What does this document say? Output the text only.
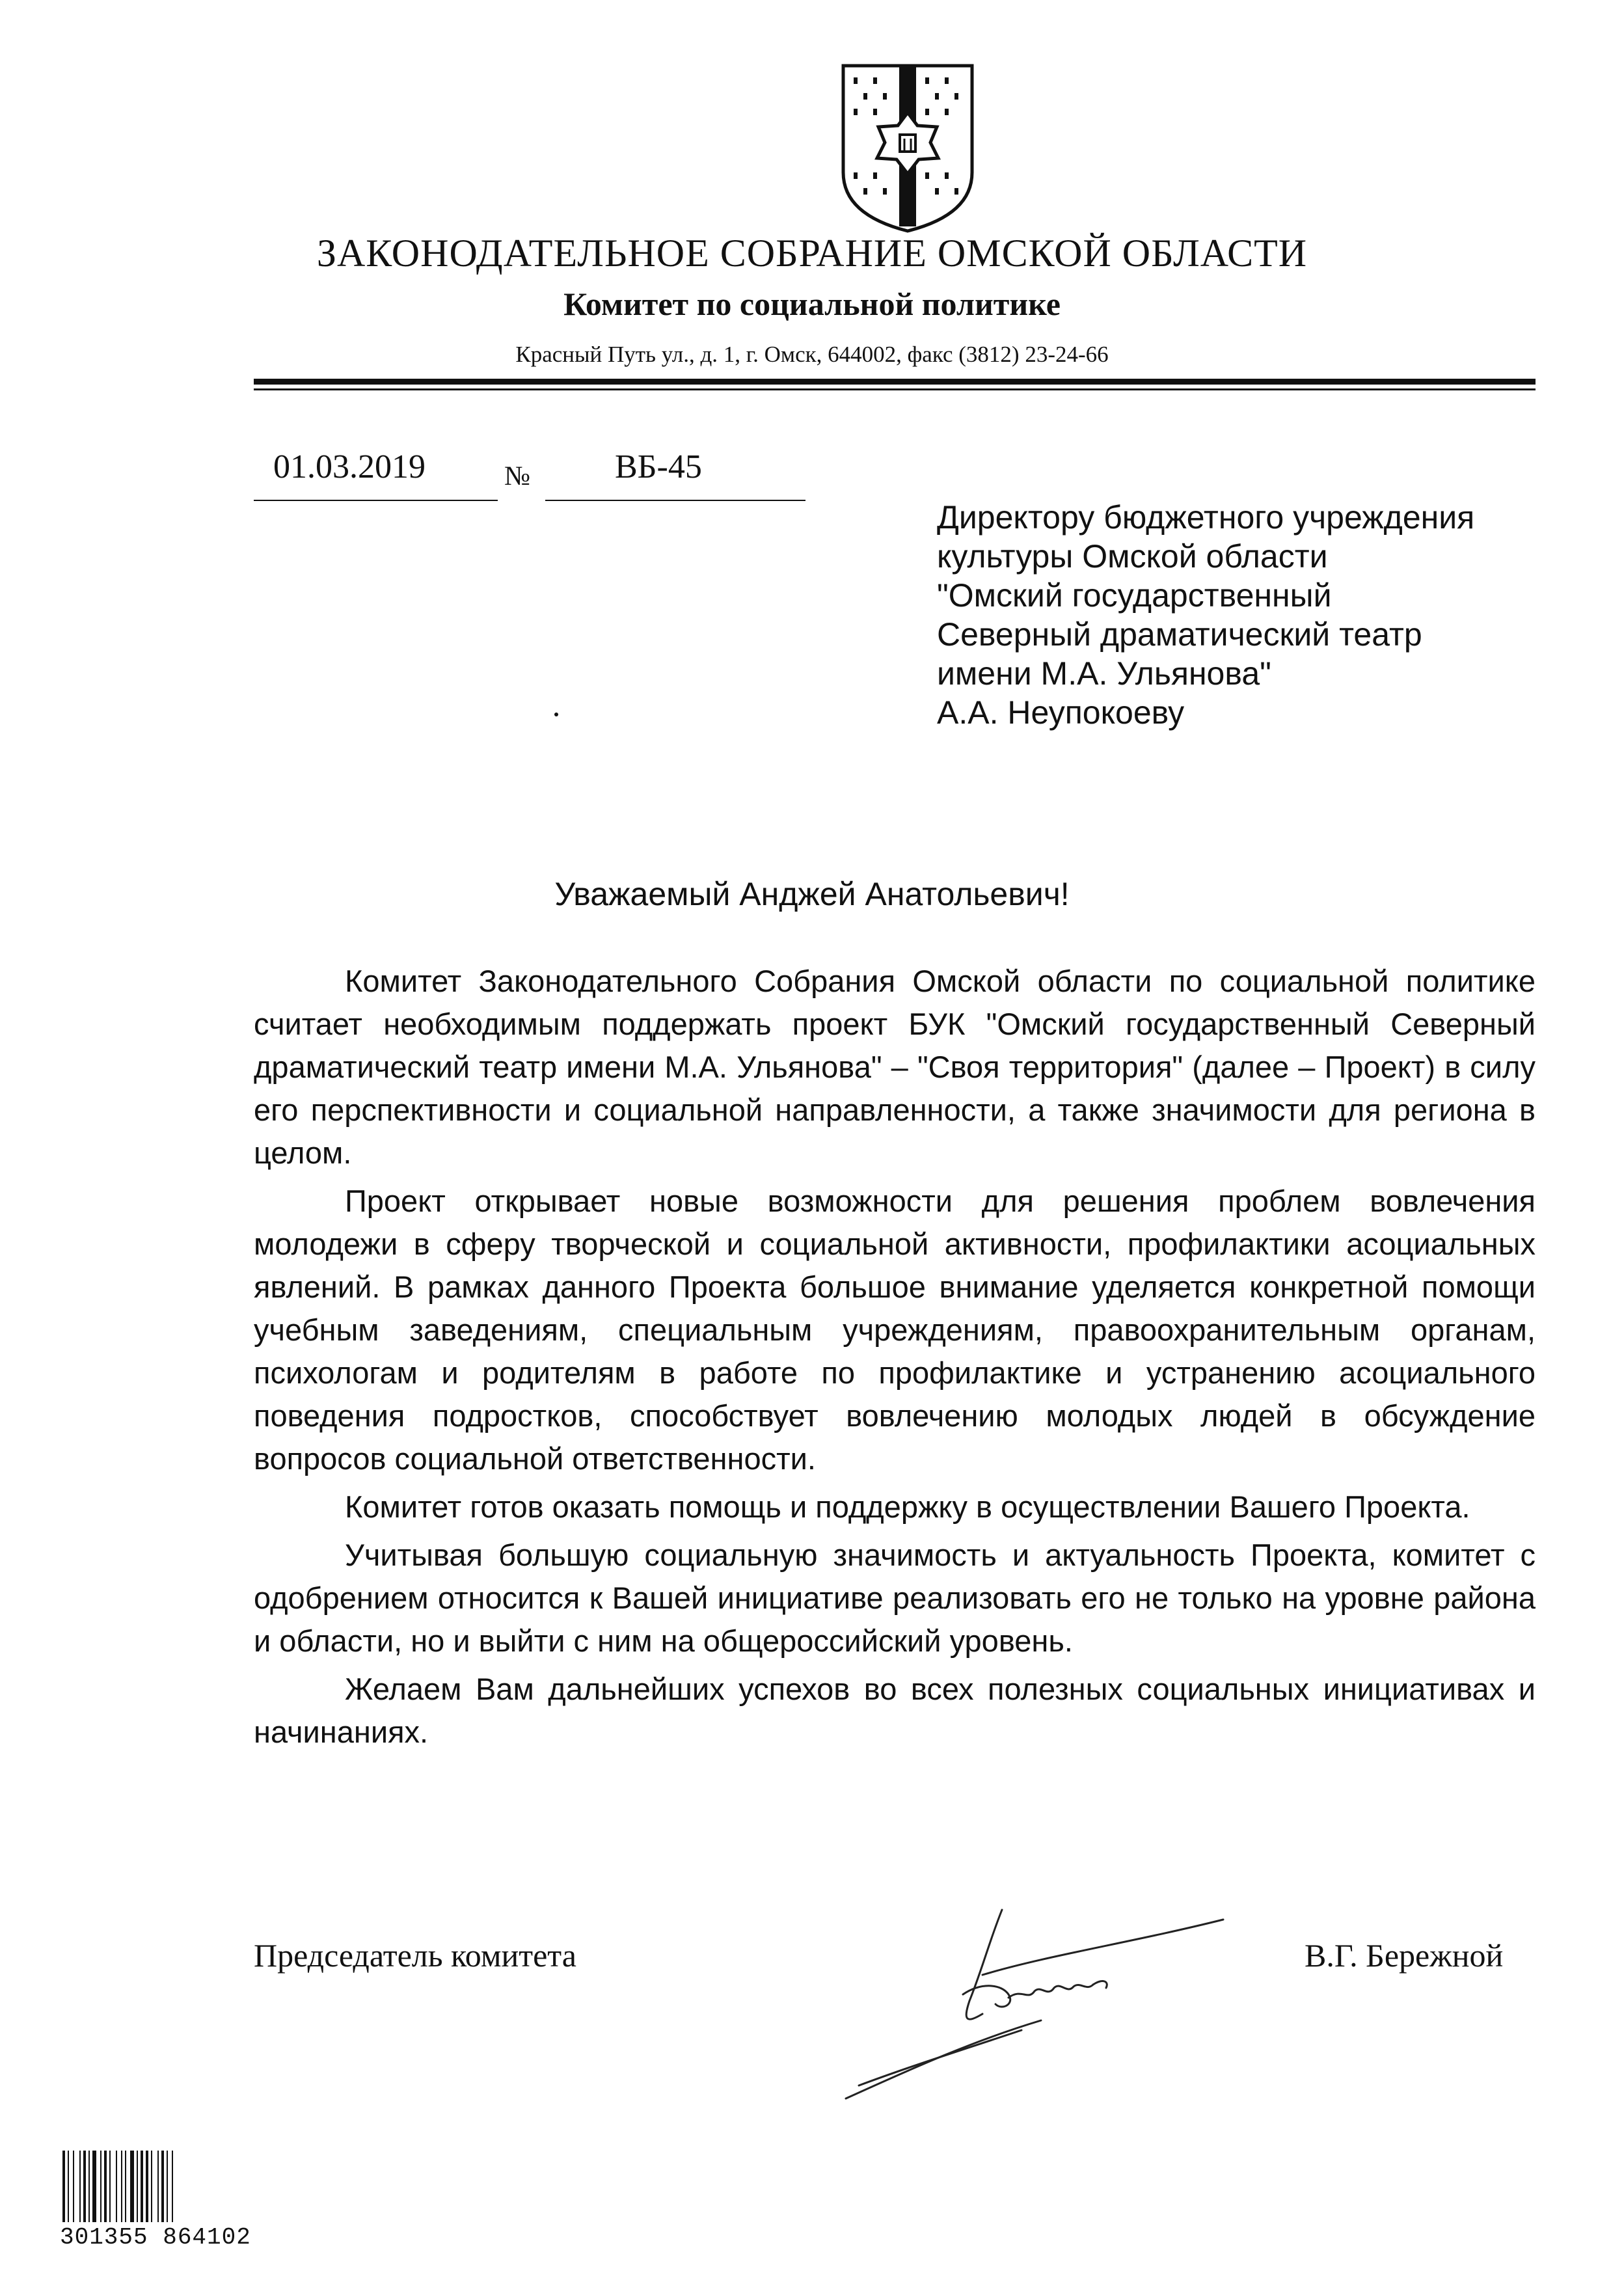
ЗАКОНОДАТЕЛЬНОЕ СОБРАНИЕ ОМСКОЙ ОБЛАСТИ
Комитет по социальной политике
Красный Путь ул., д. 1, г. Омск, 644002, факс (3812) 23-24-66
01.03.2019	№ ВБ-45
Директору бюджетного учреждения
культуры Омской области
"Омский государственный
Северный драматический театр
имени М.А. Ульянова"
А.А. Неупокоеву
Уважаемый Анджей Анатольевич!

Комитет Законодательного Собрания Омской области по социальной политике считает необходимым поддержать проект БУК "Омский государственный Северный драматический театр имени М.А. Ульянова" – "Своя территория" (далее – Проект) в силу его перспективности и социальной направленности, а также значимости для региона в целом.

Проект открывает новые возможности для решения проблем вовлечения молодежи в сферу творческой и социальной активности, профилактики асоциальных явлений. В рамках данного Проекта большое внимание уделяется конкретной помощи учебным заведениям, специальным учреждениям, правоохранительным органам, психологам и родителям в работе по профилактике и устранению асоциального поведения подростков, способствует вовлечению молодых людей в обсуждение вопросов социальной ответственности.

Комитет готов оказать помощь и поддержку в осуществлении Вашего Проекта.

Учитывая большую социальную значимость и актуальность Проекта, комитет с одобрением относится к Вашей инициативе реализовать его не только на уровне района и области, но и выйти с ним на общероссийский уровень.

Желаем Вам дальнейших успехов во всех полезных социальных инициативах и начинаниях.

Председатель комитета	В.Г. Бережной
301355 864102
